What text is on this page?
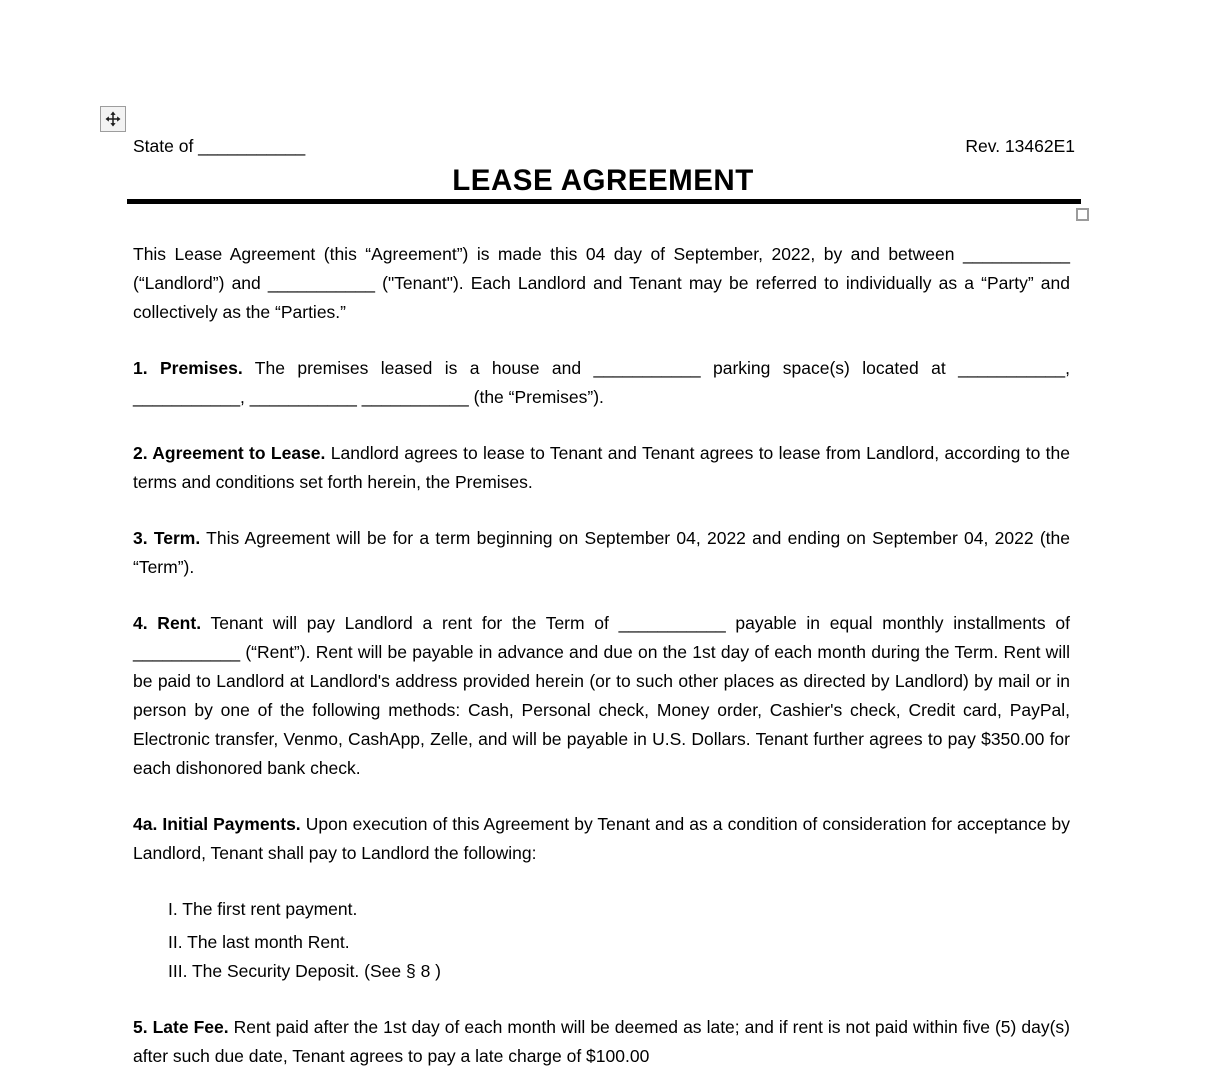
State of ___________	Rev. 13462E1
LEASE AGREEMENT

This Lease Agreement (this “Agreement”) is made this 04 day of September, 2022, by and between ___________ (“Landlord”) and ___________ ("Tenant"). Each Landlord and Tenant may be referred to individually as a “Party” and collectively as the “Parties.”

1. Premises. The premises leased is a house and ___________ parking space(s) located at ___________, ___________, ___________ ___________ (the “Premises”).

2. Agreement to Lease. Landlord agrees to lease to Tenant and Tenant agrees to lease from Landlord, according to the terms and conditions set forth herein, the Premises.

3. Term. This Agreement will be for a term beginning on September 04, 2022 and ending on September 04, 2022 (the “Term”).

4. Rent. Tenant will pay Landlord a rent for the Term of ___________ payable in equal monthly installments of ___________ (“Rent”). Rent will be payable in advance and due on the 1st day of each month during the Term. Rent will be paid to Landlord at Landlord's address provided herein (or to such other places as directed by Landlord) by mail or in person by one of the following methods: Cash, Personal check, Money order, Cashier's check, Credit card, PayPal, Electronic transfer, Venmo, CashApp, Zelle, and will be payable in U.S. Dollars. Tenant further agrees to pay $350.00 for each dishonored bank check.

4a. Initial Payments. Upon execution of this Agreement by Tenant and as a condition of consideration for acceptance by Landlord, Tenant shall pay to Landlord the following:

I. The first rent payment.
II. The last month Rent.
III. The Security Deposit. (See § 8 )

5. Late Fee. Rent paid after the 1st day of each month will be deemed as late; and if rent is not paid within five (5) day(s) after such due date, Tenant agrees to pay a late charge of $100.00
